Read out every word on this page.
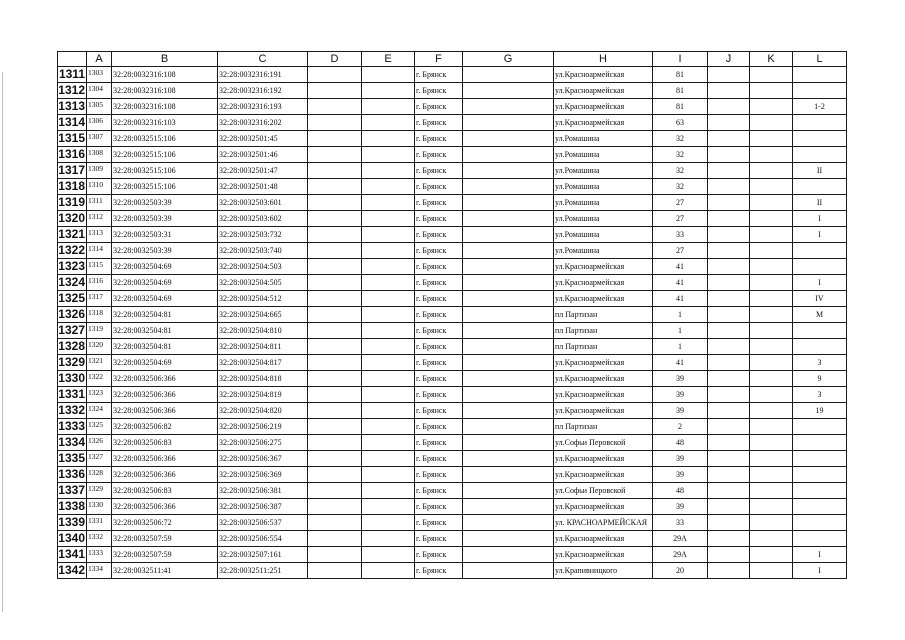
	A	B	C	D	E	F	G	H	I	J	K	L
1311	1303	32:28:0032316:108	32:28:0032316:191			г. Брянск		ул.Красноармейская	81			
1312	1304	32:28:0032316:108	32:28:0032316:192			г. Брянск		ул.Красноармейская	81			
1313	1305	32:28:0032316:108	32:28:0032316:193			г. Брянск		ул.Красноармейская	81			1-2
1314	1306	32:28:0032316:103	32:28:0032316:202			г. Брянск		ул.Красноармейская	63			
1315	1307	32:28:0032515:106	32:28:0032501:45			г. Брянск		ул.Ромашина	32			
1316	1308	32:28:0032515:106	32:28:0032501:46			г. Брянск		ул.Ромашина	32			
1317	1309	32:28:0032515:106	32:28:0032501:47			г. Брянск		ул.Ромашина	32			II
1318	1310	32:28:0032515:106	32:28:0032501:48			г. Брянск		ул.Ромашина	32			
1319	1311	32:28:0032503:39	32:28:0032503:601			г. Брянск		ул.Ромашина	27			II
1320	1312	32:28:0032503:39	32:28:0032503:602			г. Брянск		ул.Ромашина	27			I
1321	1313	32:28:0032503:31	32:28:0032503:732			г. Брянск		ул.Ромашина	33			I
1322	1314	32:28:0032503:39	32:28:0032503:740			г. Брянск		ул.Ромашина	27			
1323	1315	32:28:0032504:69	32:28:0032504:503			г. Брянск		ул.Красноармейская	41			
1324	1316	32:28:0032504:69	32:28:0032504:505			г. Брянск		ул.Красноармейская	41			I
1325	1317	32:28:0032504:69	32:28:0032504:512			г. Брянск		ул.Красноармейская	41			IV
1326	1318	32:28:0032504:81	32:28:0032504:665			г. Брянск		пл Партизан	1			М
1327	1319	32:28:0032504:81	32:28:0032504:810			г. Брянск		пл Партизан	1			
1328	1320	32:28:0032504:81	32:28:0032504:811			г. Брянск		пл Партизан	1			
1329	1321	32:28:0032504:69	32:28:0032504:817			г. Брянск		ул.Красноармейская	41			3
1330	1322	32:28:0032506:366	32:28:0032504:818			г. Брянск		ул.Красноармейская	39			9
1331	1323	32:28:0032506:366	32:28:0032504:819			г. Брянск		ул.Красноармейская	39			3
1332	1324	32:28:0032506:366	32:28:0032504:820			г. Брянск		ул.Красноармейская	39			19
1333	1325	32:28:0032506:82	32:28:0032506:219			г. Брянск		пл Партизан	2			
1334	1326	32:28:0032506:83	32:28:0032506:275			г. Брянск		ул.Софьи Перовской	48			
1335	1327	32:28:0032506:366	32:28:0032506:367			г. Брянск		ул.Красноармейская	39			
1336	1328	32:28:0032506:366	32:28:0032506:369			г. Брянск		ул.Красноармейская	39			
1337	1329	32:28:0032506:83	32:28:0032506:381			г. Брянск		ул.Софьи Перовской	48			
1338	1330	32:28:0032506:366	32:28:0032506:387			г. Брянск		ул.Красноармейская	39			
1339	1331	32:28:0032506:72	32:28:0032506:537			г. Брянск		ул. КРАСНОАРМЕЙСКАЯ	33			
1340	1332	32:28:0032507:59	32:28:0032506:554			г. Брянск		ул.Красноармейская	29А			
1341	1333	32:28:0032507:59	32:28:0032507:161			г. Брянск		ул.Красноармейская	29А			I
1342	1334	32:28:0032511:41	32:28:0032511:251			г. Брянск		ул.Крапивницкого	20			I
